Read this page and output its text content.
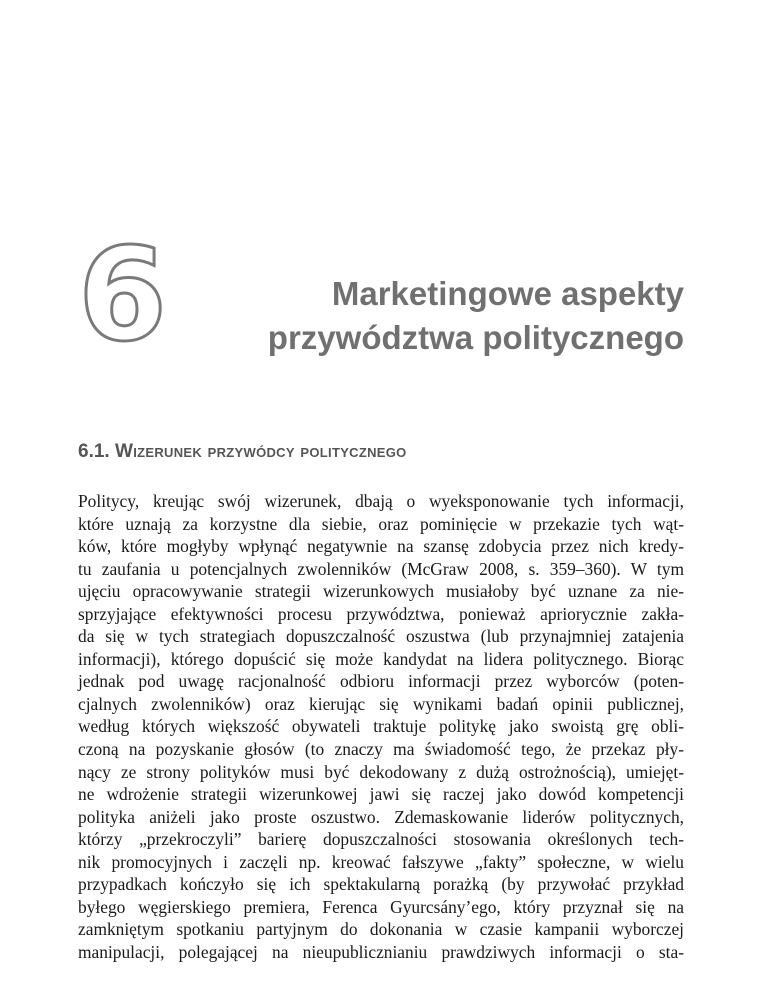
6	Marketingowe aspekty
przywództwa politycznego
6.1. Wizerunek przywódcy politycznego

Politycy, kreując swój wizerunek, dbają o wyeksponowanie tych informacji,
które uznają za korzystne dla siebie, oraz pominięcie w przekazie tych wąt-
ków, które mogłyby wpłynąć negatywnie na szansę zdobycia przez nich kredy-
tu zaufania u potencjalnych zwolenników (McGraw 2008, s. 359–360). W tym
ujęciu opracowywanie strategii wizerunkowych musiałoby być uznane za nie-
sprzyjające efektywności procesu przywództwa, ponieważ apriorycznie zakła-
da się w tych strategiach dopuszczalność oszustwa (lub przynajmniej zatajenia
informacji), którego dopuścić się może kandydat na lidera politycznego. Biorąc
jednak pod uwagę racjonalność odbioru informacji przez wyborców (poten-
cjalnych zwolenników) oraz kierując się wynikami badań opinii publicznej,
według których większość obywateli traktuje politykę jako swoistą grę obli-
czoną na pozyskanie głosów (to znaczy ma świadomość tego, że przekaz pły-
nący ze strony polityków musi być dekodowany z dużą ostrożnością), umiejęt-
ne wdrożenie strategii wizerunkowej jawi się raczej jako dowód kompetencji
polityka aniżeli jako proste oszustwo. Zdemaskowanie liderów politycznych,
którzy „przekroczyli” barierę dopuszczalności stosowania określonych tech-
nik promocyjnych i zaczęli np. kreować fałszywe „fakty” społeczne, w wielu
przypadkach kończyło się ich spektakularną porażką (by przywołać przykład
byłego węgierskiego premiera, Ferenca Gyurcsány’ego, który przyznał się na
zamkniętym spotkaniu partyjnym do dokonania w czasie kampanii wyborczej
manipulacji, polegającej na nieupublicznianiu prawdziwych informacji o sta-
